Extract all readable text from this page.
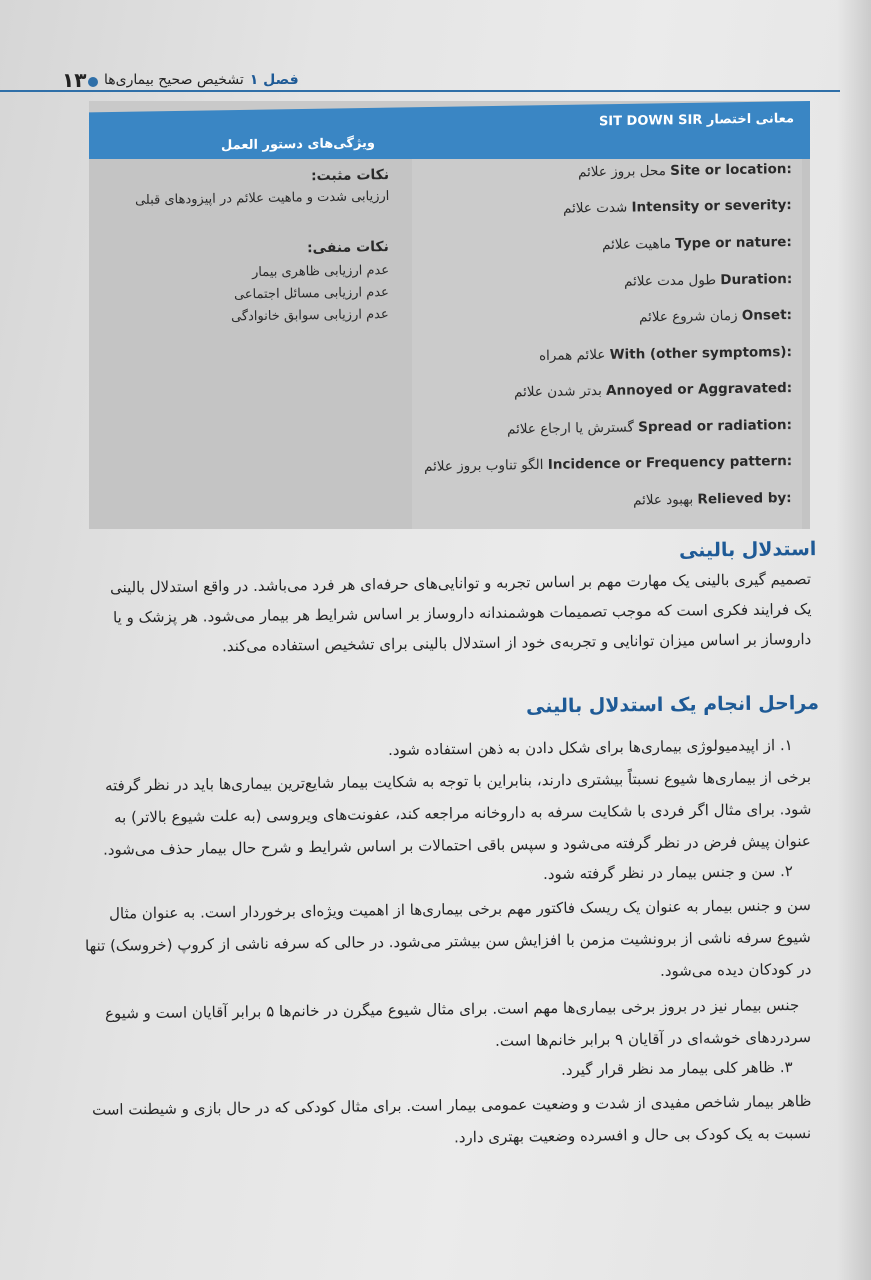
۱۳	فصل ۱
تشخیص صحیح بیماری‌ها
معانی اختصار SIT DOWN SIR
ویژگی‌های دستور العمل
Site or location: محل بروز علائم
Intensity or severity: شدت علائم
Type or nature: ماهیت علائم
Duration: طول مدت علائم
Onset: زمان شروع علائم
With (other symptoms): علائم همراه
Annoyed or Aggravated: بدتر شدن علائم
Spread or radiation: گسترش یا ارجاع علائم
Incidence or Frequency pattern: الگو تناوب بروز علائم
Relieved by: بهبود علائم
نکات مثبت:
ارزیابی شدت و ماهیت علائم در اپیزودهای قبلی
نکات منفی:
عدم ارزیابی ظاهری بیمار
عدم ارزیابی مسائل اجتماعی
عدم ارزیابی سوابق خانوادگی
استدلال بالینی
تصمیم گیری بالینی یک مهارت مهم بر اساس تجربه و توانایی‌های حرفه‌ای هر فرد می‌باشد. در واقع استدلال بالینی
یک فرایند فکری است که موجب تصمیمات هوشمندانه داروساز بر اساس شرایط هر بیمار می‌شود. هر پزشک و یا
داروساز بر اساس میزان توانایی و تجربه‌ی خود از استدلال بالینی برای تشخیص استفاده می‌کند.
مراحل انجام یک استدلال بالینی
۱. از اپیدمیولوژی بیماری‌ها برای شکل دادن به ذهن استفاده شود.
برخی از بیماری‌ها شیوع نسبتاً بیشتری دارند، بنابراین با توجه به شکایت بیمار شایع‌ترین بیماری‌ها باید در نظر گرفته
شود. برای مثال اگر فردی با شکایت سرفه به داروخانه مراجعه کند، عفونت‌های ویروسی (به علت شیوع بالاتر) به
عنوان پیش فرض در نظر گرفته می‌شود و سپس باقی احتمالات بر اساس شرایط و شرح حال بیمار حذف می‌شود.
۲. سن و جنس بیمار در نظر گرفته شود.
سن و جنس بیمار به عنوان یک ریسک فاکتور مهم برخی بیماری‌ها از اهمیت ویژه‌ای برخوردار است. به عنوان مثال
شیوع سرفه ناشی از برونشیت مزمن با افزایش سن بیشتر می‌شود. در حالی که سرفه ناشی از کروپ (خروسک) تنها
در کودکان دیده می‌شود.
جنس بیمار نیز در بروز برخی بیماری‌ها مهم است. برای مثال شیوع میگرن در خانم‌ها ۵ برابر آقایان است و شیوع
سردردهای خوشه‌ای در آقایان ۹ برابر خانم‌ها است.
۳. ظاهر کلی بیمار مد نظر قرار گیرد.
ظاهر بیمار شاخص مفیدی از شدت و وضعیت عمومی بیمار است. برای مثال کودکی که در حال بازی و شیطنت است
نسبت به یک کودک بی حال و افسرده وضعیت بهتری دارد.
